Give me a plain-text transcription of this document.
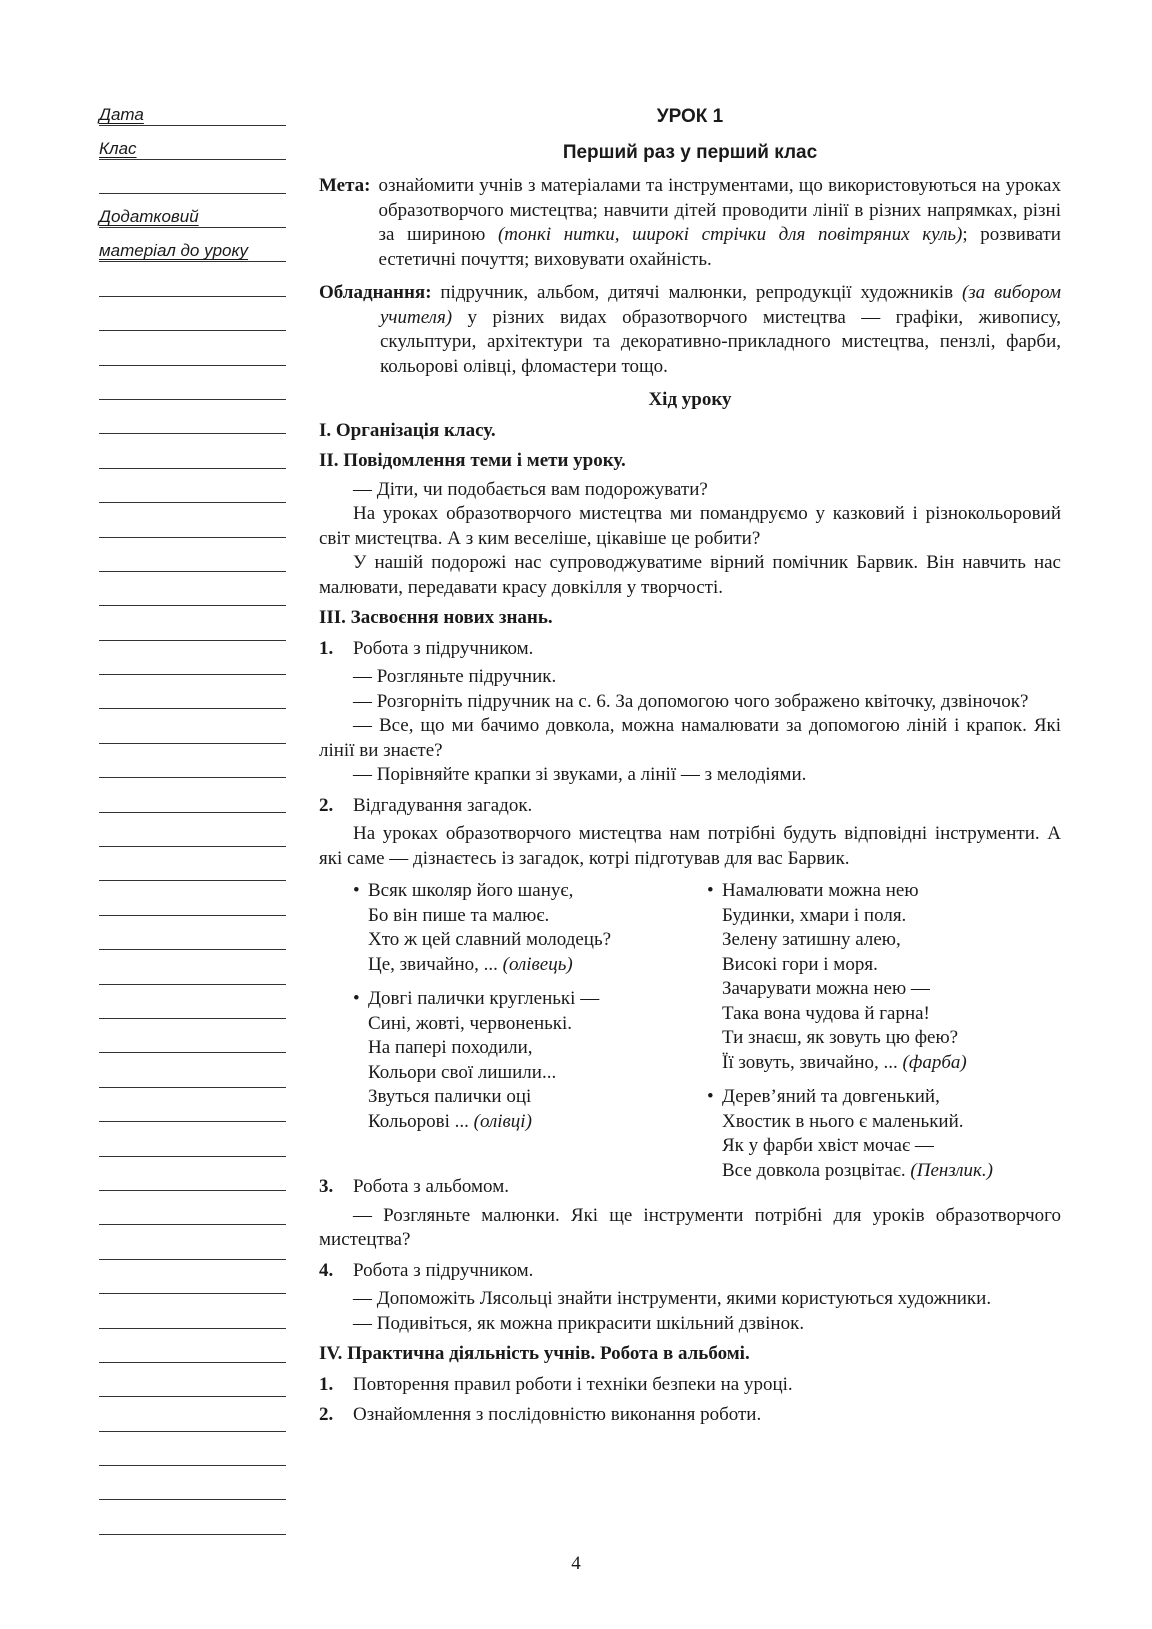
Дата
Клас
Додатковий
матеріал до уроку
УРОК 1
Перший раз у перший клас
Мета:	ознайомити учнів з матеріалами та інструментами, що використовуються на уроках образотворчого мистецтва; навчити дітей проводити лінії в різних напрямках, різні за шириною (тонкі нитки, широкі стрічки для повітряних куль); розвивати естетичні почуття; виховувати охайність.
Обладнання: підручник, альбом, дитячі малюнки, репродукції художників (за вибором учителя) у різних видах образотворчого мистецтва — графіки, живопису, скульптури, архітектури та декоративно-прикладного мистецтва, пензлі, фарби, кольорові олівці, фломастери тощо.
Хід уроку
I. Організація класу.
II. Повідомлення теми і мети уроку.

— Діти, чи подобається вам подорожувати?

На уроках образотворчого мистецтва ми помандруємо у казковий і різнокольоровий світ мистецтва. А з ким веселіше, цікавіше це робити?

У нашій подорожі нас супроводжуватиме вірний помічник Барвик. Він навчить нас малювати, передавати красу довкілля у творчості.

III. Засвоєння нових знань.
1. Робота з підручником.

— Розгляньте підручник.

— Розгорніть підручник на с. 6. За допомогою чого зображено квіточку, дзвіночок?

— Все, що ми бачимо довкола, можна намалювати за допомогою ліній і крапок. Які лінії ви знаєте?

— Порівняйте крапки зі звуками, а лінії — з мелодіями.

2. Відгадування загадок.

На уроках образотворчого мистецтва нам потрібні будуть відповідні інструменти. А які саме — дізнаєтесь із загадок, котрі підготував для вас Барвик.

• Всяк школяр його шанує,
Бо він пише та малює.
Хто ж цей славний молодець?
Це, звичайно, ... (олівець)
• Довгі палички кругленькі —
Сині, жовті, червоненькі.
На папері походили,
Кольори свої лишили...
Звуться палички оці
Кольорові ... (олівці)
• Намалювати можна нею
Будинки, хмари і поля.
Зелену затишну алею,
Високі гори і моря.
Зачарувати можна нею —
Така вона чудова й гарна!
Ти знаєш, як зовуть цю фею?
Її зовуть, звичайно, ... (фарба)
• Дерев’яний та довгенький,
Хвостик в нього є маленький.
Як у фарби хвіст мочає —
Все довкола розцвітає. (Пензлик.)
3. Робота з альбомом.

— Розгляньте малюнки. Які ще інструменти потрібні для уроків образотворчого мистецтва?

4. Робота з підручником.

— Допоможіть Лясольці знайти інструменти, якими користуються художники.

— Подивіться, як можна прикрасити шкільний дзвінок.

IV. Практична діяльність учнів. Робота в альбомі.
1. Повторення правил роботи і техніки безпеки на уроці.
2. Ознайомлення з послідовністю виконання роботи.
4
